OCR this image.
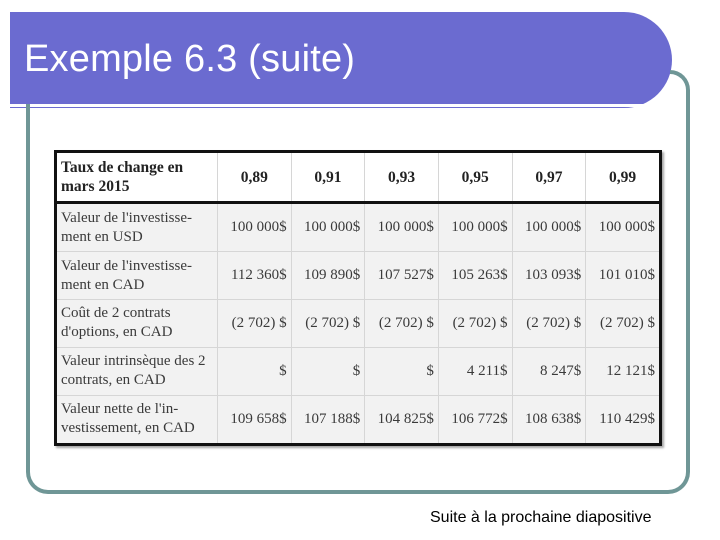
Exemple 6.3 (suite)
Taux de change en mars 2015	0,89	0,91	0,93	0,95	0,97	0,99
Valeur de l'investisse-ment en USD	100 000$	100 000$	100 000$	100 000$	100 000$	100 000$
Valeur de l'investisse-ment en CAD	112 360$	109 890$	107 527$	105 263$	103 093$	101 010$
Coût de 2 contrats d'options, en CAD	(2 702) $	(2 702) $	(2 702) $	(2 702) $	(2 702) $	(2 702) $
Valeur intrinsèque des 2 contrats, en CAD	$	$	$	4 211$	8 247$	12 121$
Valeur nette de l'in-vestissement, en CAD	109 658$	107 188$	104 825$	106 772$	108 638$	110 429$
Suite à la prochaine diapositive
